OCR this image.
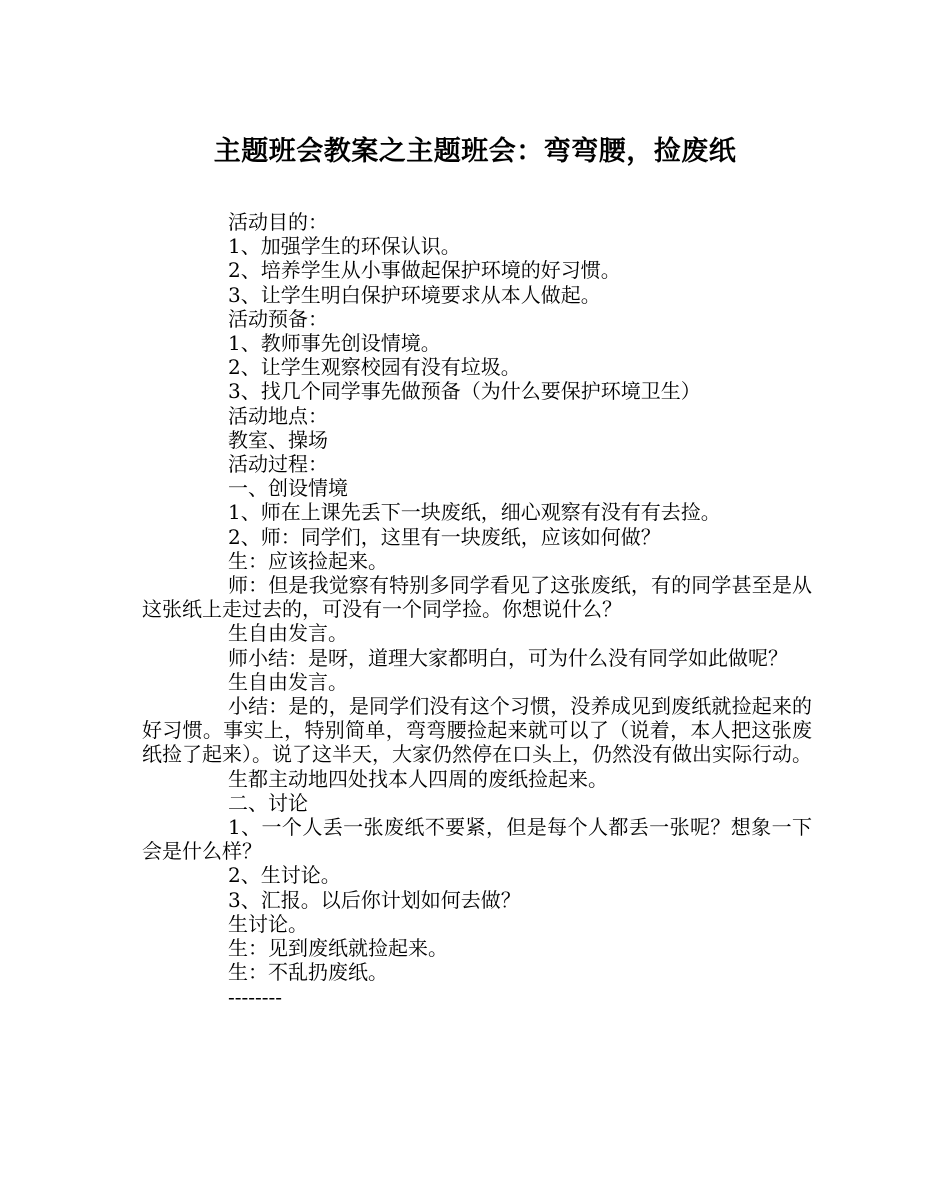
主题班会教案之主题班会：弯弯腰，捡废纸

活动目的：

1、加强学生的环保认识。

2、培养学生从小事做起保护环境的好习惯。

3、让学生明白保护环境要求从本人做起。

活动预备：

1、教师事先创设情境。

2、让学生观察校园有没有垃圾。

3、找几个同学事先做预备（为什么要保护环境卫生）

活动地点：

教室、操场

活动过程：

一、创设情境

1、师在上课先丢下一块废纸，细心观察有没有有去捡。

2、师：同学们，这里有一块废纸，应该如何做？

生：应该捡起来。

师：但是我觉察有特别多同学看见了这张废纸，有的同学甚至是从这张纸上走过去的，可没有一个同学捡。你想说什么？

生自由发言。

师小结：是呀，道理大家都明白，可为什么没有同学如此做呢？

生自由发言。

小结：是的，是同学们没有这个习惯，没养成见到废纸就捡起来的好习惯。事实上，特别简单，弯弯腰捡起来就可以了（说着，本人把这张废纸捡了起来）。说了这半天，大家仍然停在口头上，仍然没有做出实际行动。

生都主动地四处找本人四周的废纸捡起来。

二、讨论

1、一个人丢一张废纸不要紧，但是每个人都丢一张呢？想象一下会是什么样？

2、生讨论。

3、汇报。以后你计划如何去做？

生讨论。

生：见到废纸就捡起来。

生：不乱扔废纸。

--------
